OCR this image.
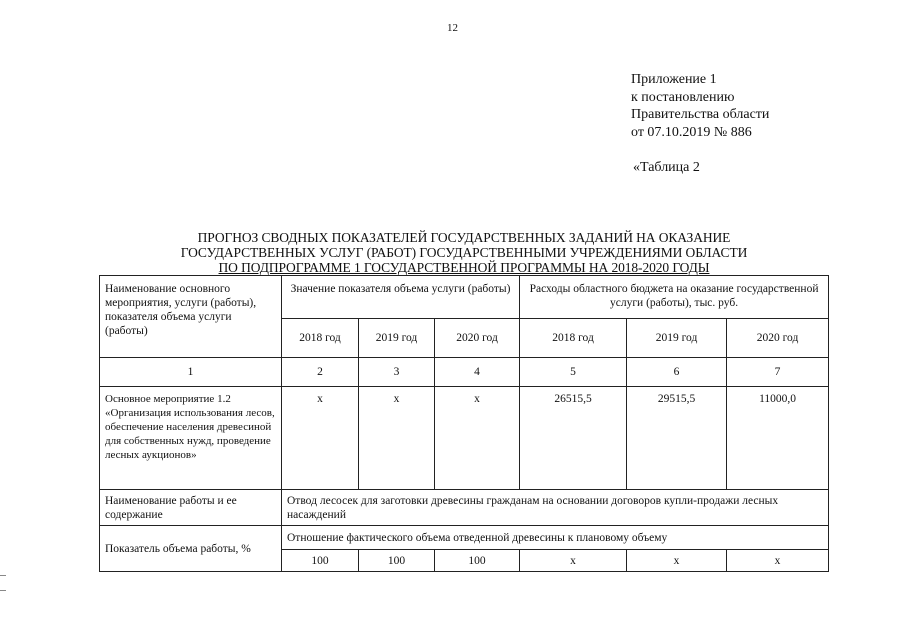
12
Приложение 1
к постановлению
Правительства области
от 07.10.2019 № 886
«Таблица 2
ПРОГНОЗ СВОДНЫХ ПОКАЗАТЕЛЕЙ ГОСУДАРСТВЕННЫХ ЗАДАНИЙ НА ОКАЗАНИЕ
ГОСУДАРСТВЕННЫХ УСЛУГ (РАБОТ) ГОСУДАРСТВЕННЫМИ УЧРЕЖДЕНИЯМИ ОБЛАСТИ
ПО ПОДПРОГРАММЕ 1 ГОСУДАРСТВЕННОЙ ПРОГРАММЫ НА 2018-2020 ГОДЫ
Наименование основного мероприятия, услуги (работы), показателя объема услуги (работы)	Значение показателя объема услуги (работы)			Расходы областного бюджета на оказание государственной услуги (работы), тыс. руб.		
	2018 год	2019 год	2020 год	2018 год	2019 год	2020 год
1	2	3	4	5	6	7
Основное мероприятие 1.2 «Организация использования лесов, обеспечение населения древесиной для собственных нужд, проведение лесных аукционов»	х	х	х	26515,5	29515,5	11000,0
Наименование работы и ее содержание	Отвод лесосек для заготовки древесины гражданам на основании договоров купли-продажи лесных насаждений					
Показатель объема работы, %	Отношение фактического объема отведенной древесины к плановому объему					
	100	100	100	х	х	х
